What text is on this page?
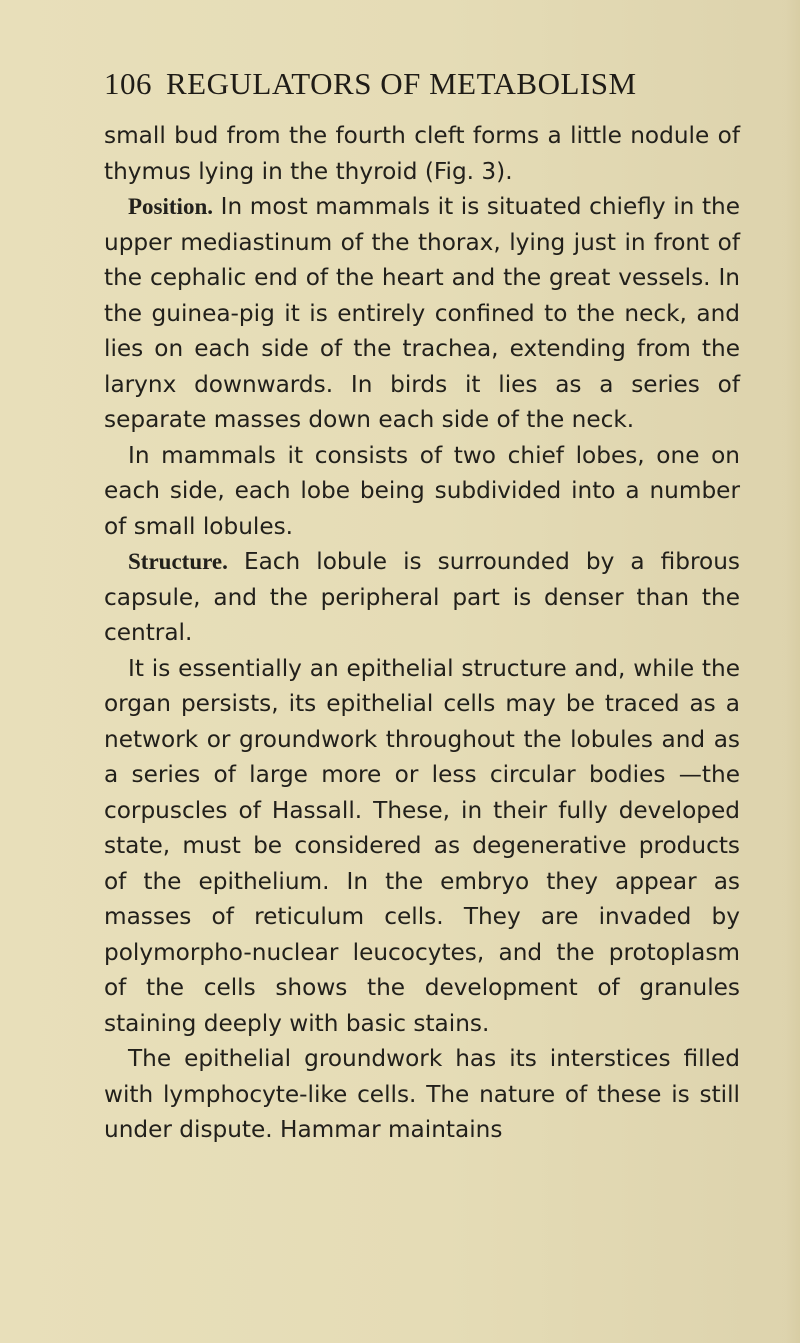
106 REGULATORS OF METABOLISM

small bud from the fourth cleft forms a little nodule of thymus lying in the thyroid (Fig. 3).

Position. In most mammals it is situated chiefly in the upper mediastinum of the thorax, lying just in front of the cephalic end of the heart and the great vessels. In the guinea-pig it is entirely confined to the neck, and lies on each side of the trachea, extending from the larynx downwards. In birds it lies as a series of separate masses down each side of the neck.

In mammals it consists of two chief lobes, one on each side, each lobe being subdivided into a number of small lobules.

Structure. Each lobule is surrounded by a fibrous capsule, and the peripheral part is denser than the central.

It is essentially an epithelial structure and, while the organ persists, its epithelial cells may be traced as a network or groundwork throughout the lobules and as a series of large more or less circular bodies —the corpuscles of Hassall. These, in their fully developed state, must be considered as degenerative products of the epithelium. In the embryo they appear as masses of reticulum cells. They are invaded by polymorpho-nuclear leucocytes, and the protoplasm of the cells shows the development of granules staining deeply with basic stains.

The epithelial groundwork has its interstices filled with lymphocyte-like cells. The nature of these is still under dispute. Hammar maintains
